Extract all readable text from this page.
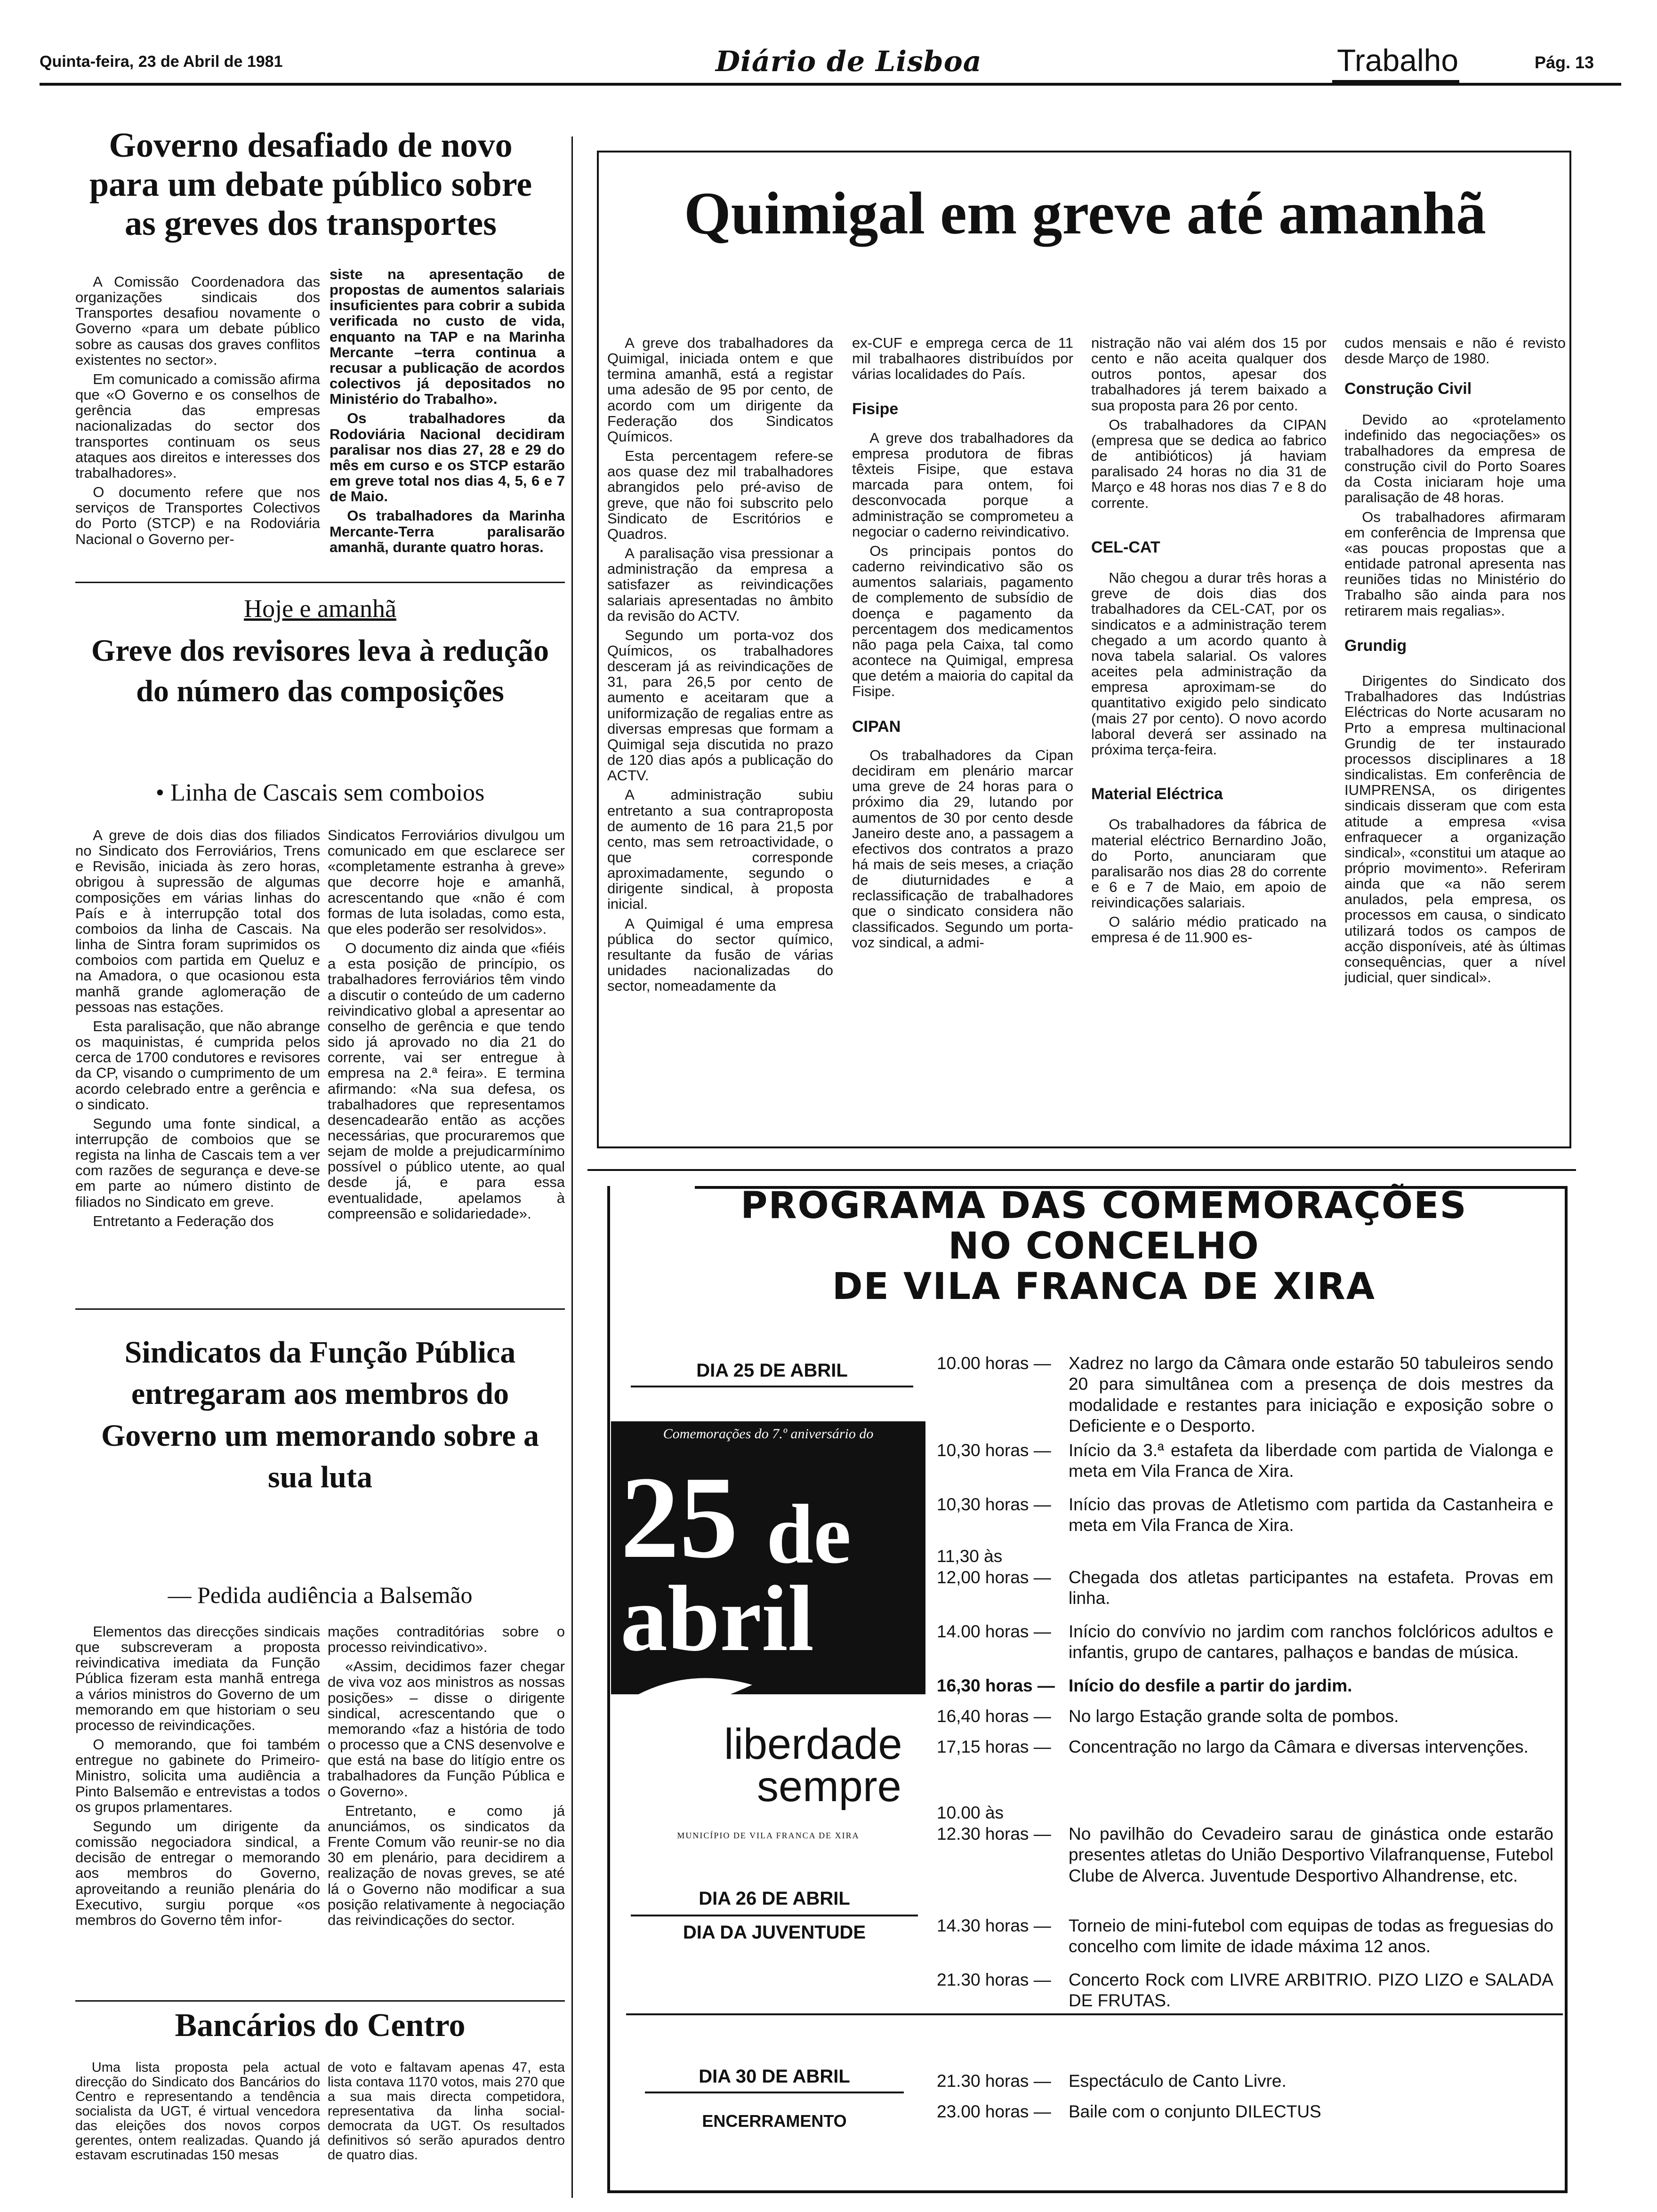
Quinta-feira, 23 de Abril de 1981	Diário de Lisboa	Trabalho	Pág. 13
Governo desafiado de novo para um debate público sobre as greves dos transportes

A Comissão Coordenadora das organizações sindicais dos Transportes desafiou novamente o Governo «para um debate público sobre as causas dos graves conflitos existentes no sector».

Em comunicado a comissão afirma que «O Governo e os conselhos de gerência das empresas nacionalizadas do sector dos transportes continuam os seus ataques aos direitos e interesses dos trabalhadores».

O documento refere que nos serviços de Transportes Colectivos do Porto (STCP) e na Rodoviária Nacional o Governo per-

siste na apresentação de propostas de aumentos salariais insuficientes para cobrir a subida verificada no custo de vida, enquanto na TAP e na Marinha Mercante –terra continua a recusar a publicação de acordos colectivos já depositados no Ministério do Trabalho».

Os trabalhadores da Rodoviária Nacional decidiram paralisar nos dias 27, 28 e 29 do mês em curso e os STCP estarão em greve total nos dias 4, 5, 6 e 7 de Maio.

Os trabalhadores da Marinha Mercante-Terra paralisarão amanhã, durante quatro horas.

Hoje e amanhã
Greve dos revisores leva à redução do número das composições
• Linha de Cascais sem comboios

A greve de dois dias dos filiados no Sindicato dos Ferroviários, Trens e Revisão, iniciada às zero horas, obrigou à supressão de algumas composições em várias linhas do País e à interrupção total dos comboios da linha de Cascais. Na linha de Sintra foram suprimidos os comboios com partida em Queluz e na Amadora, o que ocasionou esta manhã grande aglomeração de pessoas nas estações.

Esta paralisação, que não abrange os maquinistas, é cumprida pelos cerca de 1700 condutores e revisores da CP, visando o cumprimento de um acordo celebrado entre a gerência e o sindicato.

Segundo uma fonte sindical, a interrupção de comboios que se regista na linha de Cascais tem a ver com razões de segurança e deve-se em parte ao número distinto de filiados no Sindicato em greve.

Entretanto a Federação dos

Sindicatos Ferroviários divulgou um comunicado em que esclarece ser «completamente estranha à greve» que decorre hoje e amanhã, acrescentando que «não é com formas de luta isoladas, como esta, que eles poderão ser resolvidos».

O documento diz ainda que «fiéis a esta posição de princípio, os trabalhadores ferroviários têm vindo a discutir o conteúdo de um caderno reivindicativo global a apresentar ao conselho de gerência e que tendo sido já aprovado no dia 21 do corrente, vai ser entregue à empresa na 2.ª feira». E termina afirmando: «Na sua defesa, os trabalhadores que representamos desencadearão então as acções necessárias, que procuraremos que sejam de molde a prejudicarmínimo possível o público utente, ao qual desde já, e para essa eventualidade, apelamos à compreensão e solidariedade».

Sindicatos da Função Pública entregaram aos membros do Governo um memorando sobre a sua luta
— Pedida audiência a Balsemão

Elementos das direcções sindicais que subscreveram a proposta reivindicativa imediata da Função Pública fizeram esta manhã entrega a vários ministros do Governo de um memorando em que historiam o seu processo de reivindicações.

O memorando, que foi também entregue no gabinete do Primeiro-Ministro, solicita uma audiência a Pinto Balsemão e entrevistas a todos os grupos prlamentares.

Segundo um dirigente da comissão negociadora sindical, a decisão de entregar o memorando aos membros do Governo, aproveitando a reunião plenária do Executivo, surgiu porque «os membros do Governo têm infor-

mações contraditórias sobre o processo reivindicativo».

«Assim, decidimos fazer chegar de viva voz aos ministros as nossas posições» – disse o dirigente sindical, acrescentando que o memorando «faz a história de todo o processo que a CNS desenvolve e que está na base do litígio entre os trabalhadores da Função Pública e o Governo».

Entretanto, e como já anunciámos, os sindicatos da Frente Comum vão reunir-se no dia 30 em plenário, para decidirem a realização de novas greves, se até lá o Governo não modificar a sua posição relativamente à negociação das reivindicações do sector.

Bancários do Centro

Uma lista proposta pela actual direcção do Sindicato dos Bancários do Centro e representando a tendência socialista da UGT, é virtual vencedora das eleições dos novos corpos gerentes, ontem realizadas. Quando já estavam escrutinadas 150 mesas

de voto e faltavam apenas 47, esta lista contava 1170 votos, mais 270 que a sua mais directa competidora, representativa da linha social-democrata da UGT. Os resultados definitivos só serão apurados dentro de quatro dias.

Quimigal em greve até amanhã

A greve dos trabalhadores da Quimigal, iniciada ontem e que termina amanhã, está a registar uma adesão de 95 por cento, de acordo com um dirigente da Federação dos Sindicatos Químicos.

Esta percentagem refere-se aos quase dez mil trabalhadores abrangidos pelo pré-aviso de greve, que não foi subscrito pelo Sindicato de Escritórios e Quadros.

A paralisação visa pressionar a administração da empresa a satisfazer as reivindicações salariais apresentadas no âmbito da revisão do ACTV.

Segundo um porta-voz dos Químicos, os trabalhadores desceram já as reivindicações de 31, para 26,5 por cento de aumento e aceitaram que a uniformização de regalias entre as diversas empresas que formam a Quimigal seja discutida no prazo de 120 dias após a publicação do ACTV.

A administração subiu entretanto a sua contraproposta de aumento de 16 para 21,5 por cento, mas sem retroactividade, o que corresponde aproximadamente, segundo o dirigente sindical, à proposta inicial.

A Quimigal é uma empresa pública do sector químico, resultante da fusão de várias unidades nacionalizadas do sector, nomeadamente da

ex-CUF e emprega cerca de 11 mil trabalhaores distribuídos por várias localidades do País.

Fisipe

A greve dos trabalhadores da empresa produtora de fibras têxteis Fisipe, que estava marcada para ontem, foi desconvocada porque a administração se comprometeu a negociar o caderno reivindicativo.

Os principais pontos do caderno reivindicativo são os aumentos salariais, pagamento de complemento de subsídio de doença e pagamento da percentagem dos medicamentos não paga pela Caixa, tal como acontece na Quimigal, empresa que detém a maioria do capital da Fisipe.

CIPAN

Os trabalhadores da Cipan decidiram em plenário marcar uma greve de 24 horas para o próximo dia 29, lutando por aumentos de 30 por cento desde Janeiro deste ano, a passagem a efectivos dos contratos a prazo há mais de seis meses, a criação de diuturnidades e a reclassificação de trabalhadores que o sindicato considera não classificados. Segundo um porta-voz sindical, a admi-

nistração não vai além dos 15 por cento e não aceita qualquer dos outros pontos, apesar dos trabalhadores já terem baixado a sua proposta para 26 por cento.

Os trabalhadores da CIPAN (empresa que se dedica ao fabrico de antibióticos) já haviam paralisado 24 horas no dia 31 de Março e 48 horas nos dias 7 e 8 do corrente.

CEL-CAT

Não chegou a durar três horas a greve de dois dias dos trabalhadores da CEL-CAT, por os sindicatos e a administração terem chegado a um acordo quanto à nova tabela salarial. Os valores aceites pela administração da empresa aproximam-se do quantitativo exigido pelo sindicato (mais 27 por cento). O novo acordo laboral deverá ser assinado na próxima terça-feira.

Material Eléctrica

Os trabalhadores da fábrica de material eléctrico Bernardino João, do Porto, anunciaram que paralisarão nos dias 28 do corrente e 6 e 7 de Maio, em apoio de reivindicações salariais.

O salário médio praticado na empresa é de 11.900 es-

cudos mensais e não é revisto desde Março de 1980.

Construção Civil

Devido ao «protelamento indefinido das negociações» os trabalhadores da empresa de construção civil do Porto Soares da Costa iniciaram hoje uma paralisação de 48 horas.

Os trabalhadores afirmaram em conferência de Imprensa que «as poucas propostas que a entidade patronal apresenta nas reuniões tidas no Ministério do Trabalho são ainda para nos retirarem mais regalias».

Grundig

Dirigentes do Sindicato dos Trabalhadores das Indústrias Eléctricas do Norte acusaram no Prto a empresa multinacional Grundig de ter instaurado processos disciplinares a 18 sindicalistas. Em conferência de IUMPRENSA, os dirigentes sindicais disseram que com esta atitude a empresa «visa enfraquecer a organização sindical», «constitui um ataque ao próprio movimento». Referiram ainda que «a não serem anulados, pela empresa, os processos em causa, o sindicato utilizará todos os campos de acção disponíveis, até às últimas consequências, quer a nível judicial, quer sindical».

PROGRAMA DAS COMEMORAÇÕES
NO CONCELHO
DE VILA FRANCA DE XIRA
DIA 25 DE ABRIL
Comemorações do 7.º aniversário do
25 de
abril
liberdade
sempre
MUNICÍPIO DE VILA FRANCA DE XIRA
DIA 26 DE ABRIL
DIA DA JUVENTUDE
DIA 30 DE ABRIL
ENCERRAMENTO
10.00 horas —	Xadrez no largo da Câmara onde estarão 50 tabuleiros sendo 20 para simultânea com a presença de dois mestres da modalidade e restantes para iniciação e exposição sobre o Deficiente e o Desporto.
10,30 horas —	Início da 3.ª estafeta da liberdade com partida de Vialonga e meta em Vila Franca de Xira.
10,30 horas —	Início das provas de Atletismo com partida da Castanheira e meta em Vila Franca de Xira.
11,30 às
12,00 horas —	Chegada dos atletas participantes na estafeta. Provas em linha.
14.00 horas —	Início do convívio no jardim com ranchos folclóricos adultos e infantis, grupo de cantares, palhaços e bandas de música.
16,30 horas — Início do desfile a partir do jardim.
16,40 horas —	No largo Estação grande solta de pombos.
17,15 horas —	Concentração no largo da Câmara e diversas intervenções.
10.00 às
12.30 horas —	No pavilhão do Cevadeiro sarau de ginástica onde estarão presentes atletas do União Desportivo Vilafranquense, Futebol Clube de Alverca. Juventude Desportivo Alhandrense, etc.
14.30 horas —	Torneio de mini-futebol com equipas de todas as freguesias do concelho com limite de idade máxima 12 anos.
21.30 horas —	Concerto Rock com LIVRE ARBITRIO. PIZO LIZO e SALADA DE FRUTAS.
21.30 horas —	Espectáculo de Canto Livre.
23.00 horas —	Baile com o conjunto DILECTUS
